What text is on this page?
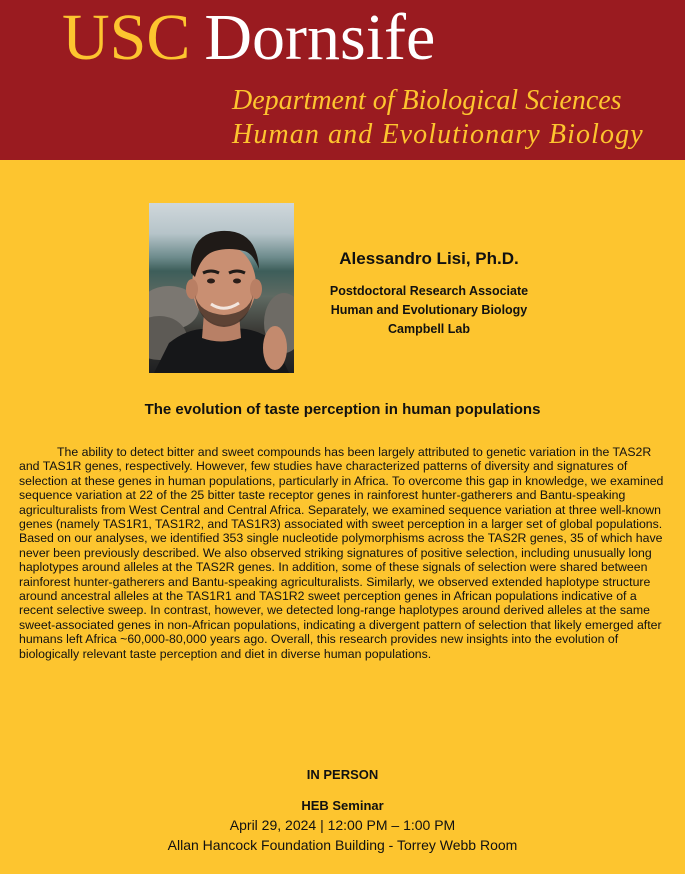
USC Dornsife
Department of Biological Sciences
Human and Evolutionary Biology
Alessandro Lisi, Ph.D.
Postdoctoral Research Associate
Human and Evolutionary Biology
Campbell Lab
The evolution of taste perception in human populations
The ability to detect bitter and sweet compounds has been largely attributed to genetic variation in the TAS2R and TAS1R genes, respectively. However, few studies have characterized patterns of diversity and signatures of selection at these genes in human populations, particularly in Africa. To overcome this gap in knowledge, we examined sequence variation at 22 of the 25 bitter taste receptor genes in rainforest hunter-gatherers and Bantu-speaking agriculturalists from West Central and Central Africa. Separately, we examined sequence variation at three well-known genes (namely TAS1R1, TAS1R2, and TAS1R3) associated with sweet perception in a larger set of global populations. Based on our analyses, we identified 353 single nucleotide polymorphisms across the TAS2R genes, 35 of which have never been previously described. We also observed striking signatures of positive selection, including unusually long haplotypes around alleles at the TAS2R genes. In addition, some of these signals of selection were shared between rainforest hunter-gatherers and Bantu-speaking agriculturalists. Similarly, we observed extended haplotype structure around ancestral alleles at the TAS1R1 and TAS1R2 sweet perception genes in African populations indicative of a recent selective sweep. In contrast, however, we detected long-range haplotypes around derived alleles at the same sweet-associated genes in non-African populations, indicating a divergent pattern of selection that likely emerged after humans left Africa ~60,000-80,000 years ago. Overall, this research provides new insights into the evolution of biologically relevant taste perception and diet in diverse human populations.
IN PERSON
HEB Seminar
April 29, 2024 | 12:00 PM – 1:00 PM
Allan Hancock Foundation Building - Torrey Webb Room
